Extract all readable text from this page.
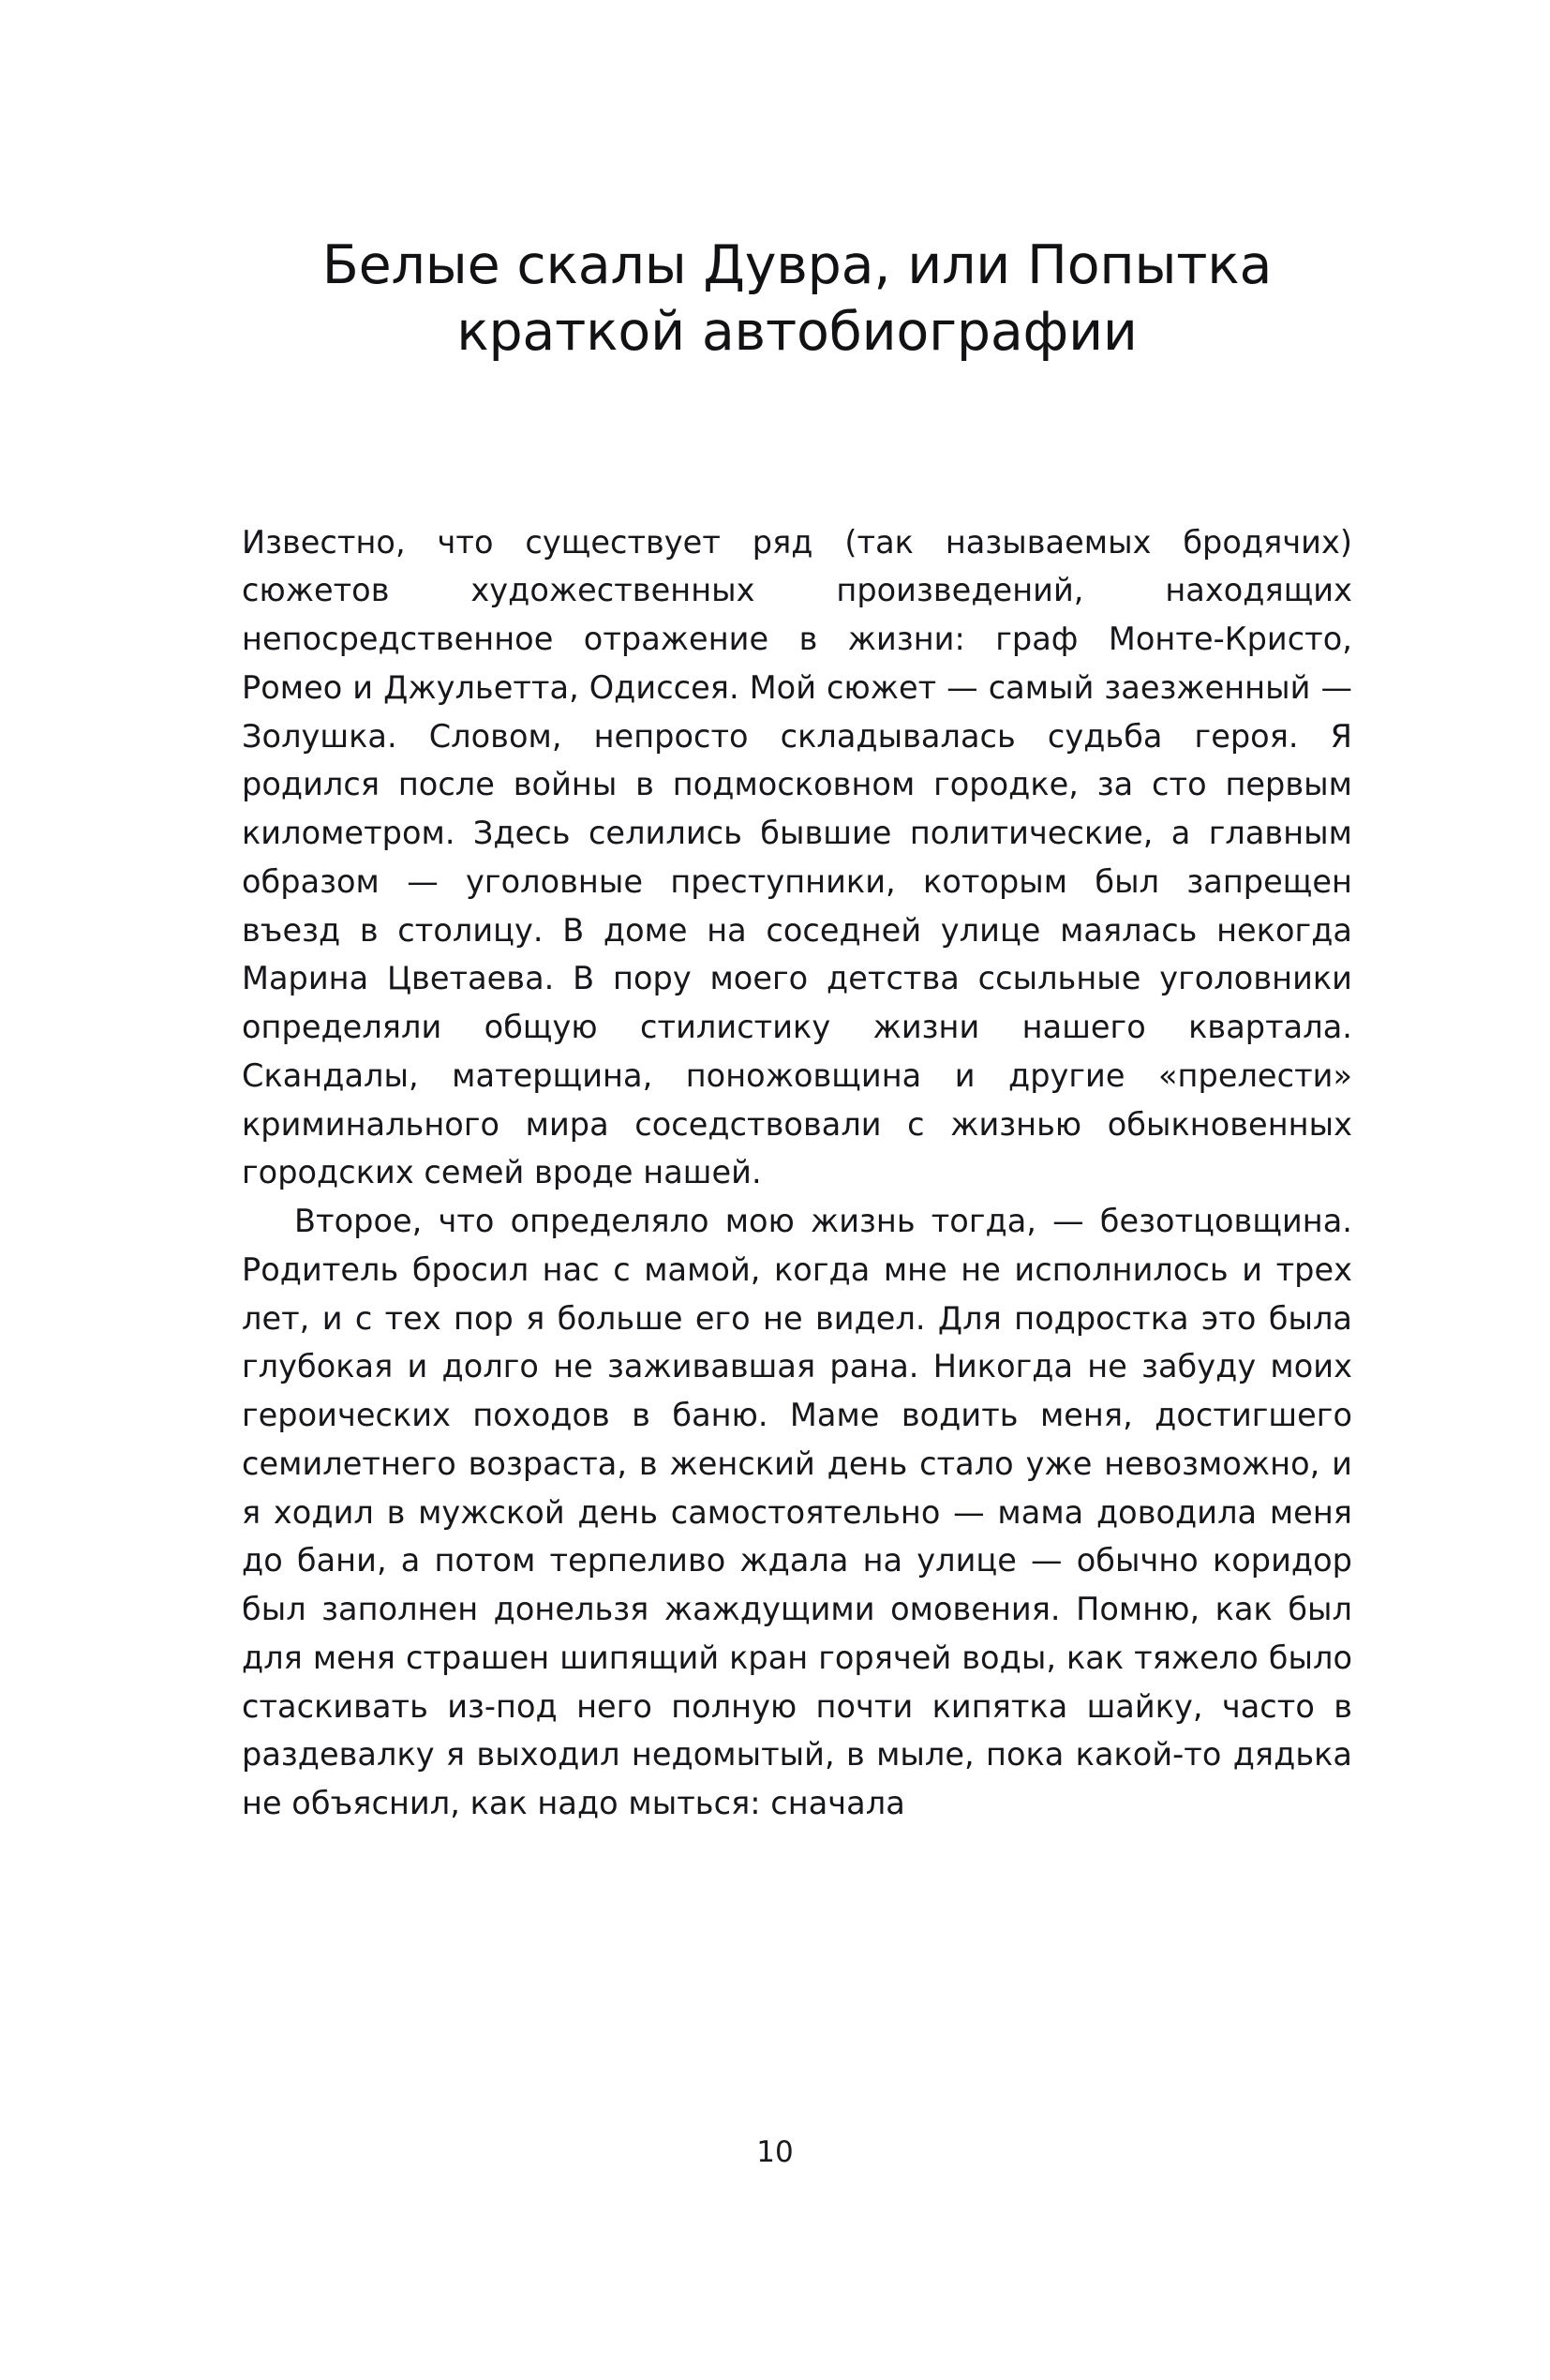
Белые скалы Дувра, или Попытка
краткой автобиографии

Известно, что существует ряд (так называемых бродячих) сюжетов художественных произведений, находящих непосредственное отражение в жизни: граф Монте-Кристо, Ромео и Джульетта, Одиссея. Мой сюжет — самый заезженный — Золушка. Словом, непросто складывалась судьба героя. Я родился после войны в подмосковном городке, за сто первым километром. Здесь селились бывшие политические, а главным образом — уголовные преступники, которым был запрещен въезд в столицу. В доме на соседней улице маялась некогда Марина Цветаева. В пору моего детства ссыльные уголовники определяли общую стилистику жизни нашего квартала. Скандалы, матерщина, поножовщина и другие «прелести» криминального мира соседствовали с жизнью обыкновенных городских семей вроде нашей.

Второе, что определяло мою жизнь тогда, — безотцовщина. Родитель бросил нас с мамой, когда мне не исполнилось и трех лет, и с тех пор я больше его не видел. Для подростка это была глубокая и долго не заживавшая рана. Никогда не забуду моих героических походов в баню. Маме водить меня, достигшего семилетнего возраста, в женский день стало уже невозможно, и я ходил в мужской день самостоятельно — мама доводила меня до бани, а потом терпеливо ждала на улице — обычно коридор был заполнен донельзя жаждущими омовения. Помню, как был для меня страшен шипящий кран горячей воды, как тяжело было стаскивать из-под него полную почти кипятка шайку, часто в раздевалку я выходил недомытый, в мыле, пока какой-то дядька не объяснил, как надо мыться: сначала

10
